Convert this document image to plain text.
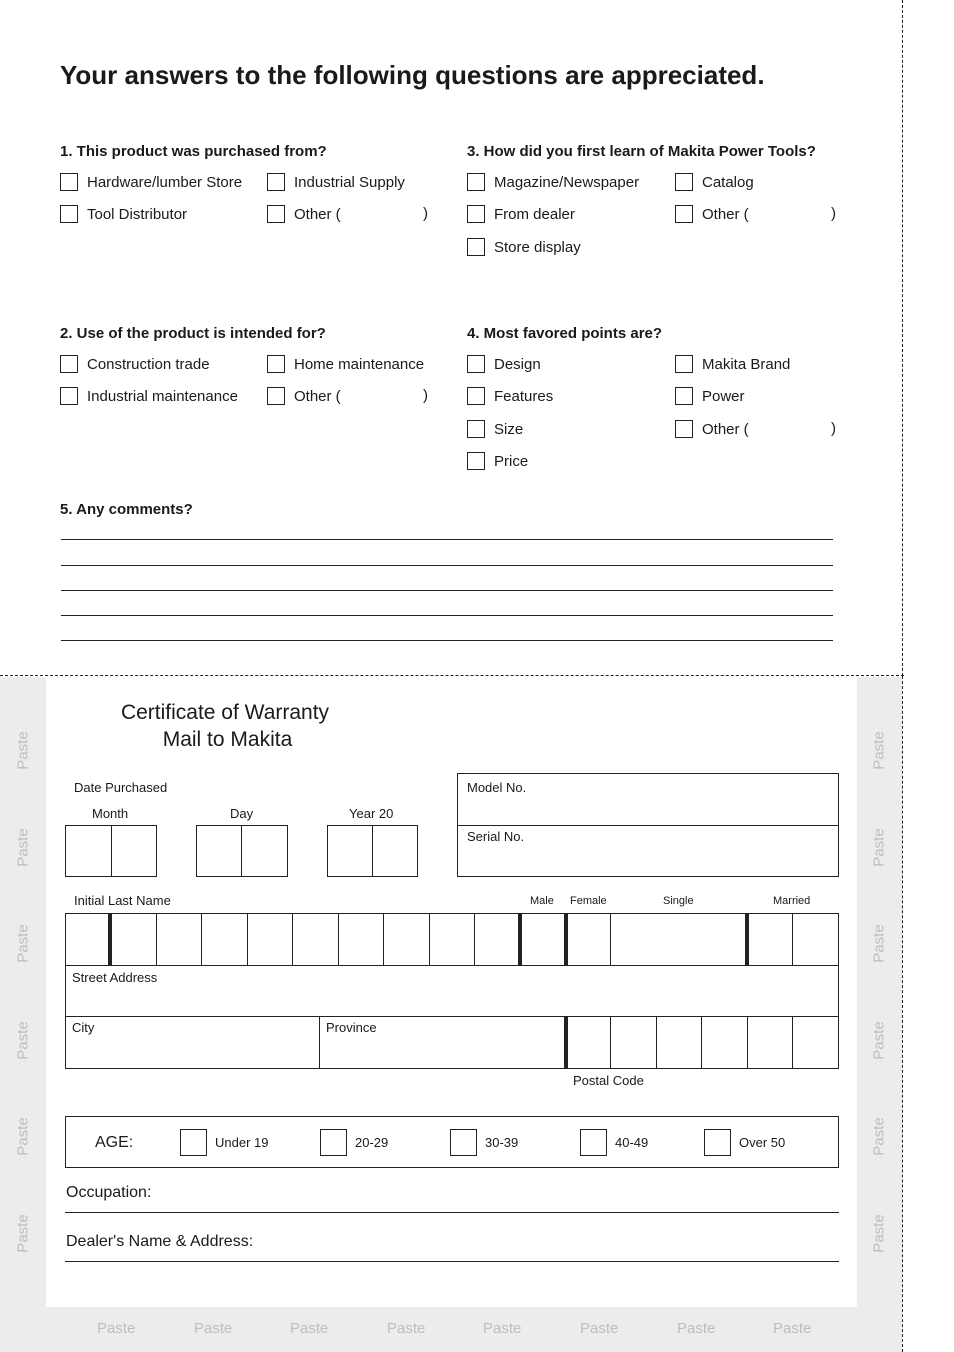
Your answers to the following questions are appreciated.
1. This product was purchased from?
Hardware/lumber Store	Industrial Supply
Tool Distributor	Other (	)
3. How did you first learn of Makita Power Tools?
Magazine/Newspaper	Catalog
From dealer	Other (	)
Store display
2. Use of the product is intended for?
Construction trade	Home maintenance
Industrial maintenance	Other (	)
4. Most favored points are?
Design	Makita Brand
Features	Power
Size	Other (	)
Price
5. Any comments?
Paste
Paste
Paste
Paste
Paste
Paste
Paste
Paste
Paste
Paste
Paste
Paste
Paste	Paste	Paste	Paste	Paste	Paste	Paste	Paste
Certificate of Warranty
Mail to Makita
Date Purchased
Month	Day	Year 20
Model No.
Serial No.
Initial Last Name	Male Female	Single	Married
Street Address
City	Province
Postal Code
AGE:	Under 19	20-29	30-39	40-49	Over 50
Occupation:
Dealer's Name & Address:
